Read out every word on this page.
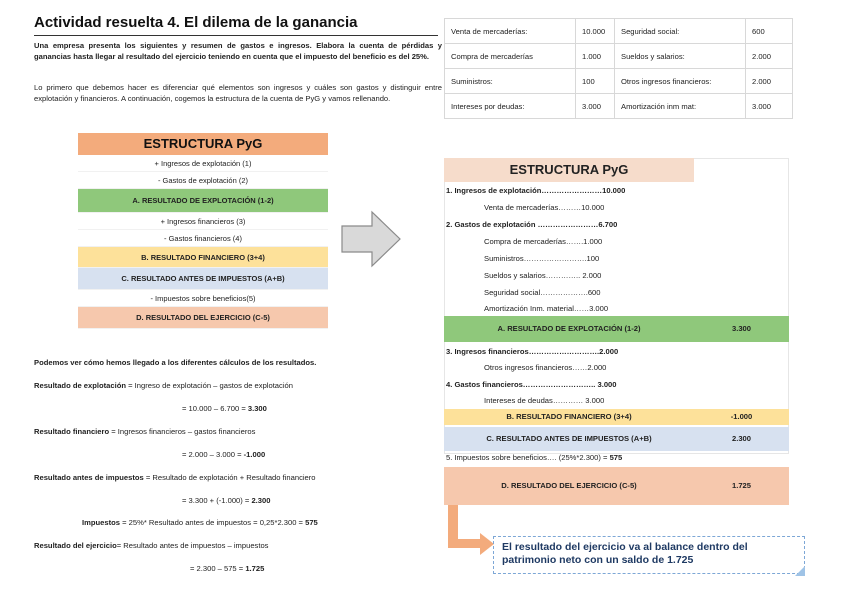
Actividad resuelta 4. El dilema de la ganancia
Una empresa presenta los siguientes y resumen de gastos e ingresos. Elabora la cuenta de pérdidas y ganancias hasta llegar al resultado del ejercicio teniendo en cuenta que el impuesto del beneficio es del 25%.
Lo primero que debemos hacer es diferenciar qué elementos son ingresos y cuáles son gastos y distinguir entre explotación y financieros. A continuación, cogemos la estructura de la cuenta de PyG y vamos rellenando.
ESTRUCTURA PyG
+ Ingresos de explotación (1)
- Gastos de explotación (2)
A. RESULTADO DE EXPLOTACIÓN (1-2)
+ Ingresos financieros (3)
- Gastos financieros (4)
B. RESULTADO FINANCIERO (3+4)
C. RESULTADO ANTES DE IMPUESTOS (A+B)
- Impuestos sobre beneficios(5)
D. RESULTADO DEL EJERCICIO (C-5)
Podemos ver cómo hemos llegado a los diferentes cálculos de los resultados.
Resultado de explotación = Ingreso de explotación – gastos de explotación
= 10.000 – 6.700 = 3.300
Resultado financiero = Ingresos financieros – gastos financieros
= 2.000 – 3.000 = -1.000
Resultado antes de impuestos = Resultado de explotación + Resultado financiero
= 3.300 + (-1.000) = 2.300
Impuestos = 25%* Resultado antes de impuestos = 0,25*2.300 = 575
Resultado del ejercicio= Resultado antes de impuestos – impuestos
= 2.300 – 575 = 1.725
Venta de mercaderías:	10.000	Seguridad social:	600
Compra de mercaderías	1.000	Sueldos y salarios:	2.000
Suministros:	100	Otros ingresos financieros:	2.000
Intereses por deudas:	3.000	Amortización inm mat:	3.000
ESTRUCTURA PyG
1. Ingresos de explotación……………………10.000
Venta de mercaderías………10.000
2. Gastos de explotación ……………………6.700
Compra de mercaderías…….1.000
Suministros…………………….100
Sueldos y salarios………….. 2.000
Seguridad social……………….600
Amortización Inm. material……3.000
A. RESULTADO DE EXPLOTACIÓN (1-2)	3.300
3. Ingresos financieros……………………….2.000
Otros ingresos financieros……2.000
4. Gastos financieros……………………….. 3.000
Intereses de deudas………… 3.000
B. RESULTADO FINANCIERO (3+4)	-1.000
C. RESULTADO ANTES DE IMPUESTOS (A+B)	2.300
5. Impuestos sobre beneficios…. (25%*2.300) = 575
D. RESULTADO DEL EJERCICIO (C-5)	1.725
El resultado del ejercicio va al balance dentro del patrimonio neto con un saldo de 1.725
